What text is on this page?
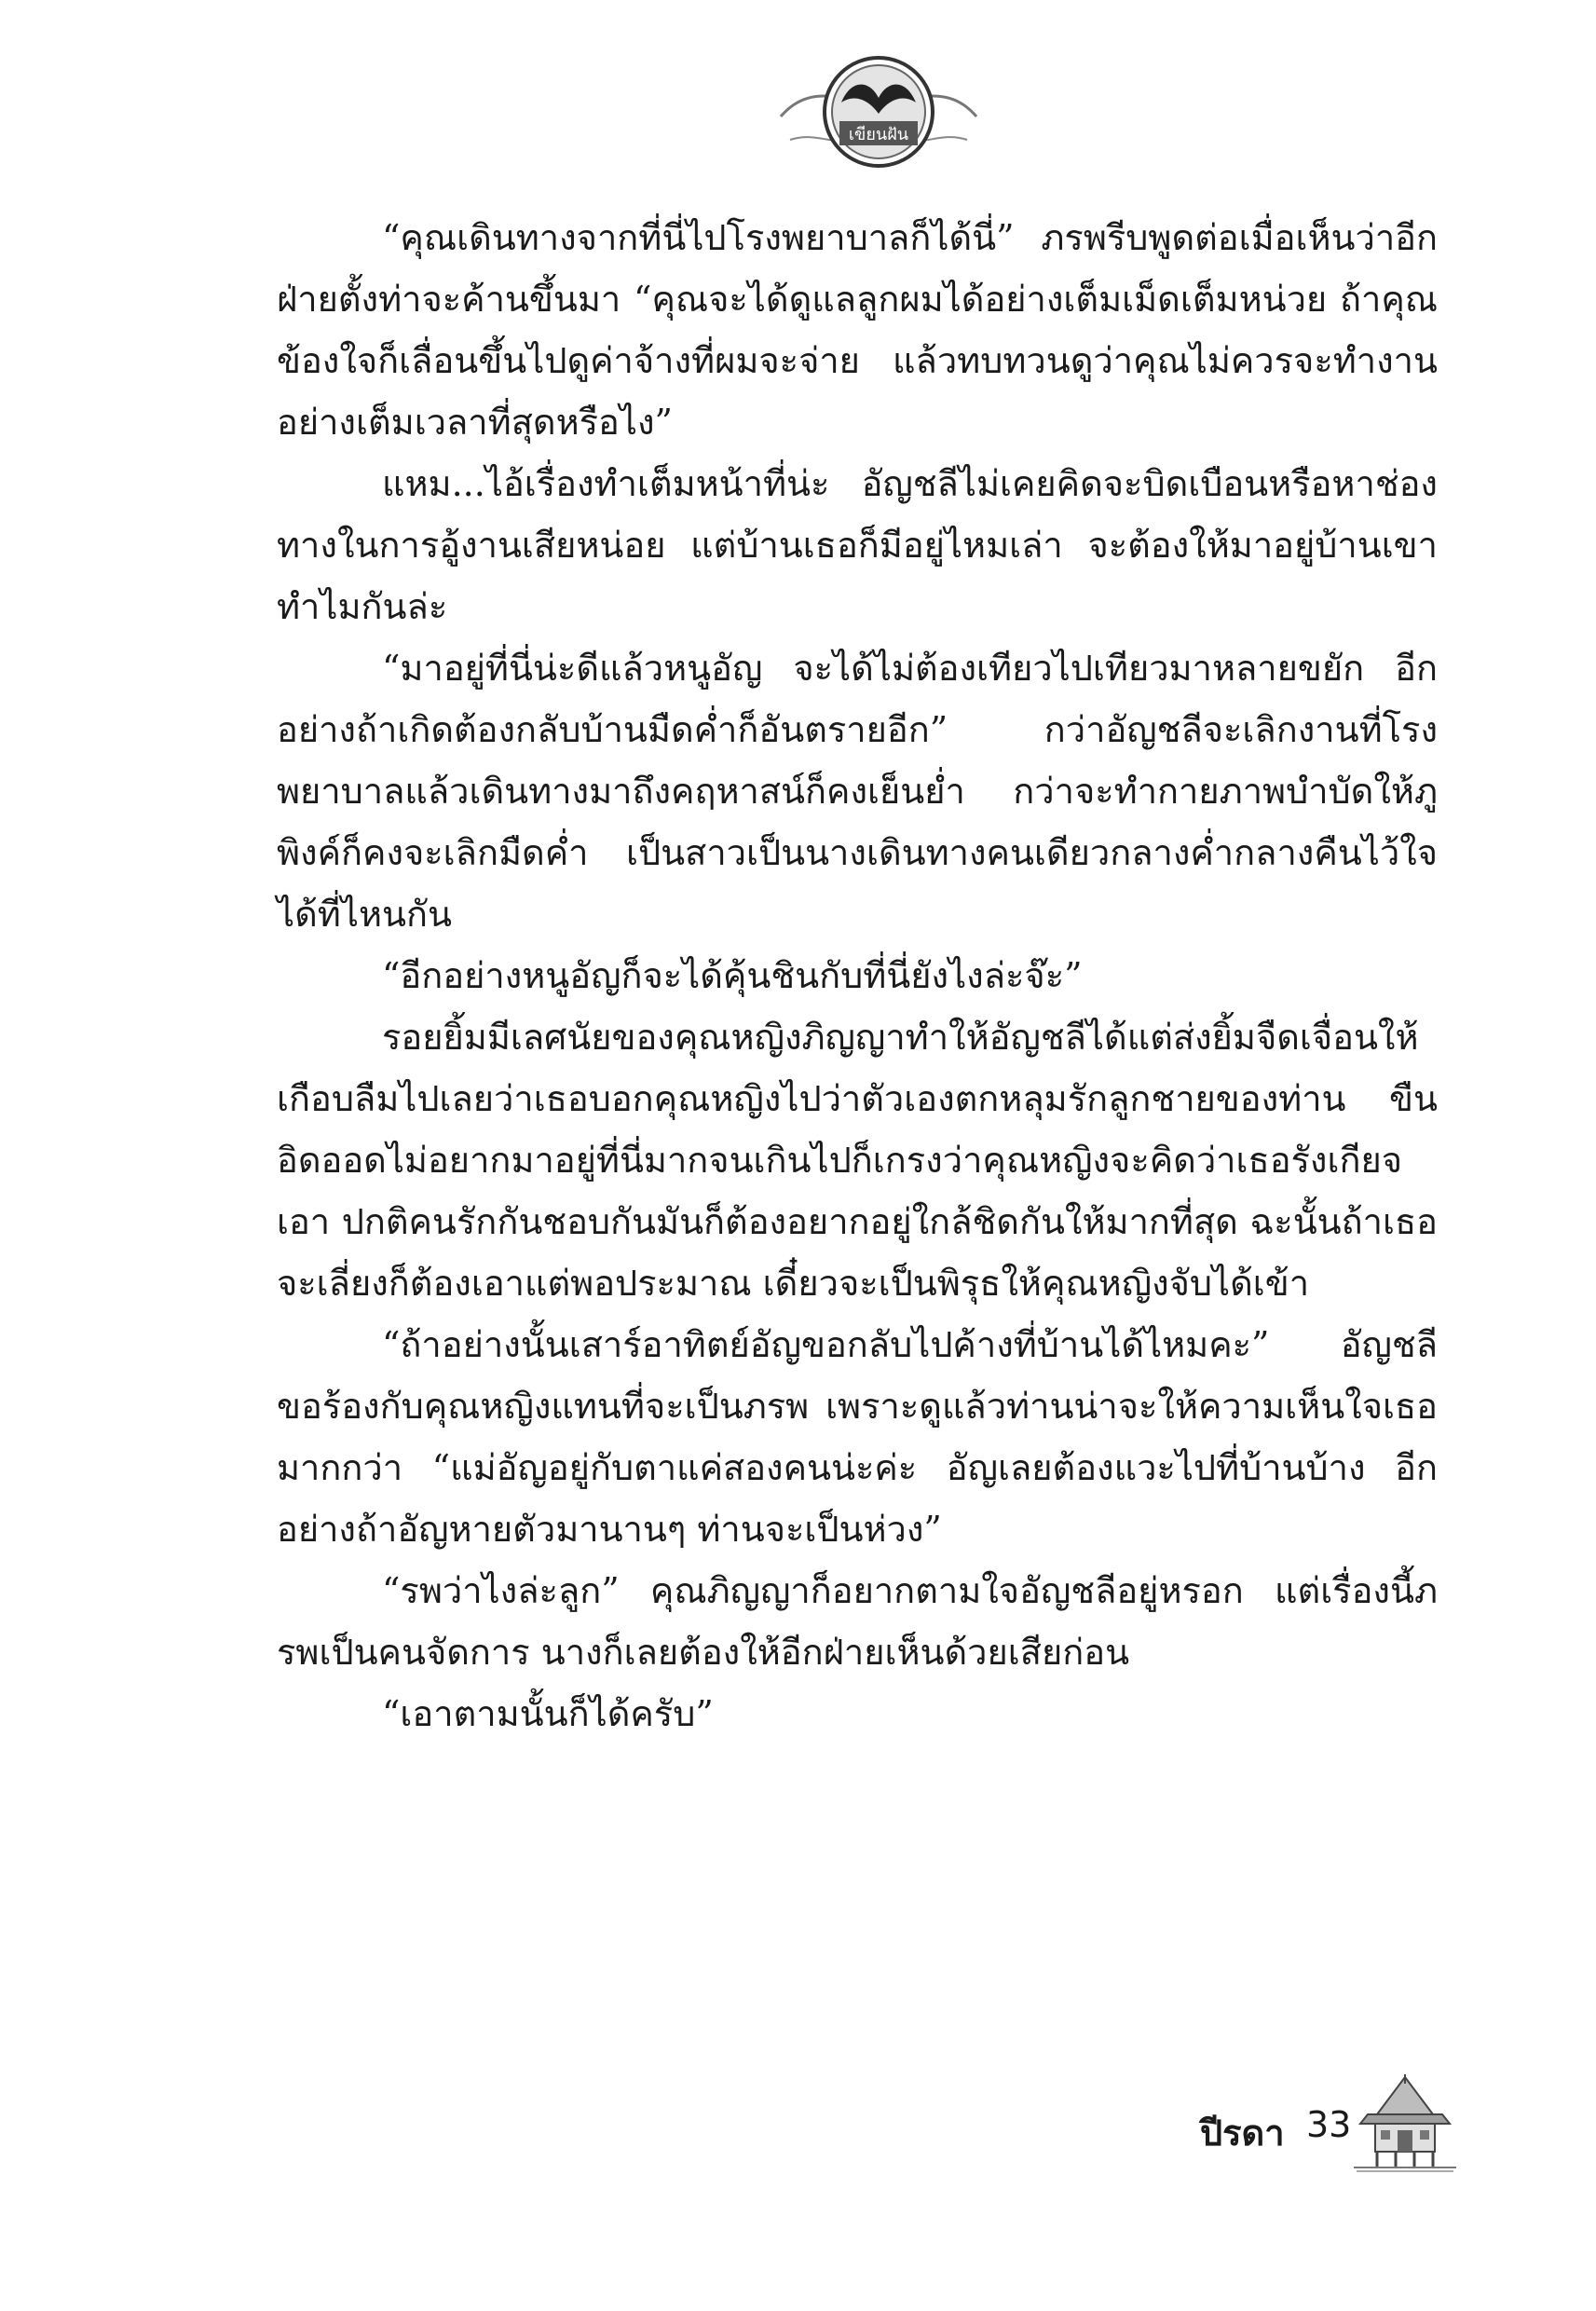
เขียนฝัน

“คุณเดินทางจากที่นี่ไปโรงพยาบาลก็ได้นี่” ภรพรีบพูดต่อเมื่อเห็นว่าอีกฝ่ายตั้งท่าจะค้านขึ้นมา “คุณจะได้ดูแลลูกผมได้อย่างเต็มเม็ดเต็มหน่วย ถ้าคุณข้องใจก็เลื่อนขึ้นไปดูค่าจ้างที่ผมจะจ่าย แล้วทบทวนดูว่าคุณไม่ควรจะทำงานอย่างเต็มเวลาที่สุดหรือไง”

แหม...ไอ้เรื่องทำเต็มหน้าที่น่ะ อัญชลีไม่เคยคิดจะบิดเบือนหรือหาช่องทางในการอู้งานเสียหน่อย แต่บ้านเธอก็มีอยู่ไหมเล่า จะต้องให้มาอยู่บ้านเขาทำไมกันล่ะ

“มาอยู่ที่นี่น่ะดีแล้วหนูอัญ จะได้ไม่ต้องเทียวไปเทียวมาหลายขยัก อีกอย่างถ้าเกิดต้องกลับบ้านมืดค่ำก็อันตรายอีก” กว่าอัญชลีจะเลิกงานที่โรงพยาบาลแล้วเดินทางมาถึงคฤหาสน์ก็คงเย็นย่ำ กว่าจะทำกายภาพบำบัดให้ภูพิงค์ก็คงจะเลิกมืดค่ำ เป็นสาวเป็นนางเดินทางคนเดียวกลางค่ำกลางคืนไว้ใจได้ที่ไหนกัน

“อีกอย่างหนูอัญก็จะได้คุ้นชินกับที่นี่ยังไงล่ะจ๊ะ”

รอยยิ้มมีเลศนัยของคุณหญิงภิญญาทำให้อัญชลีได้แต่ส่งยิ้มจืดเจื่อนให้ เกือบลืมไปเลยว่าเธอบอกคุณหญิงไปว่าตัวเองตกหลุมรักลูกชายของท่าน ขืนอิดออดไม่อยากมาอยู่ที่นี่มากจนเกินไปก็เกรงว่าคุณหญิงจะคิดว่าเธอรังเกียจเอา ปกติคนรักกันชอบกันมันก็ต้องอยากอยู่ใกล้ชิดกันให้มากที่สุด ฉะนั้นถ้าเธอจะเลี่ยงก็ต้องเอาแต่พอประมาณ เดี๋ยวจะเป็นพิรุธให้คุณหญิงจับได้เข้า

“ถ้าอย่างนั้นเสาร์อาทิตย์อัญขอกลับไปค้างที่บ้านได้ไหมคะ” อัญชลีขอร้องกับคุณหญิงแทนที่จะเป็นภรพ เพราะดูแล้วท่านน่าจะให้ความเห็นใจเธอมากกว่า “แม่อัญอยู่กับตาแค่สองคนน่ะค่ะ อัญเลยต้องแวะไปที่บ้านบ้าง อีกอย่างถ้าอัญหายตัวมานานๆ ท่านจะเป็นห่วง”

“รพว่าไงล่ะลูก” คุณภิญญาก็อยากตามใจอัญชลีอยู่หรอก แต่เรื่องนี้ภรพเป็นคนจัดการ นางก็เลยต้องให้อีกฝ่ายเห็นด้วยเสียก่อน

“เอาตามนั้นก็ได้ครับ”

ปีรดา 33
